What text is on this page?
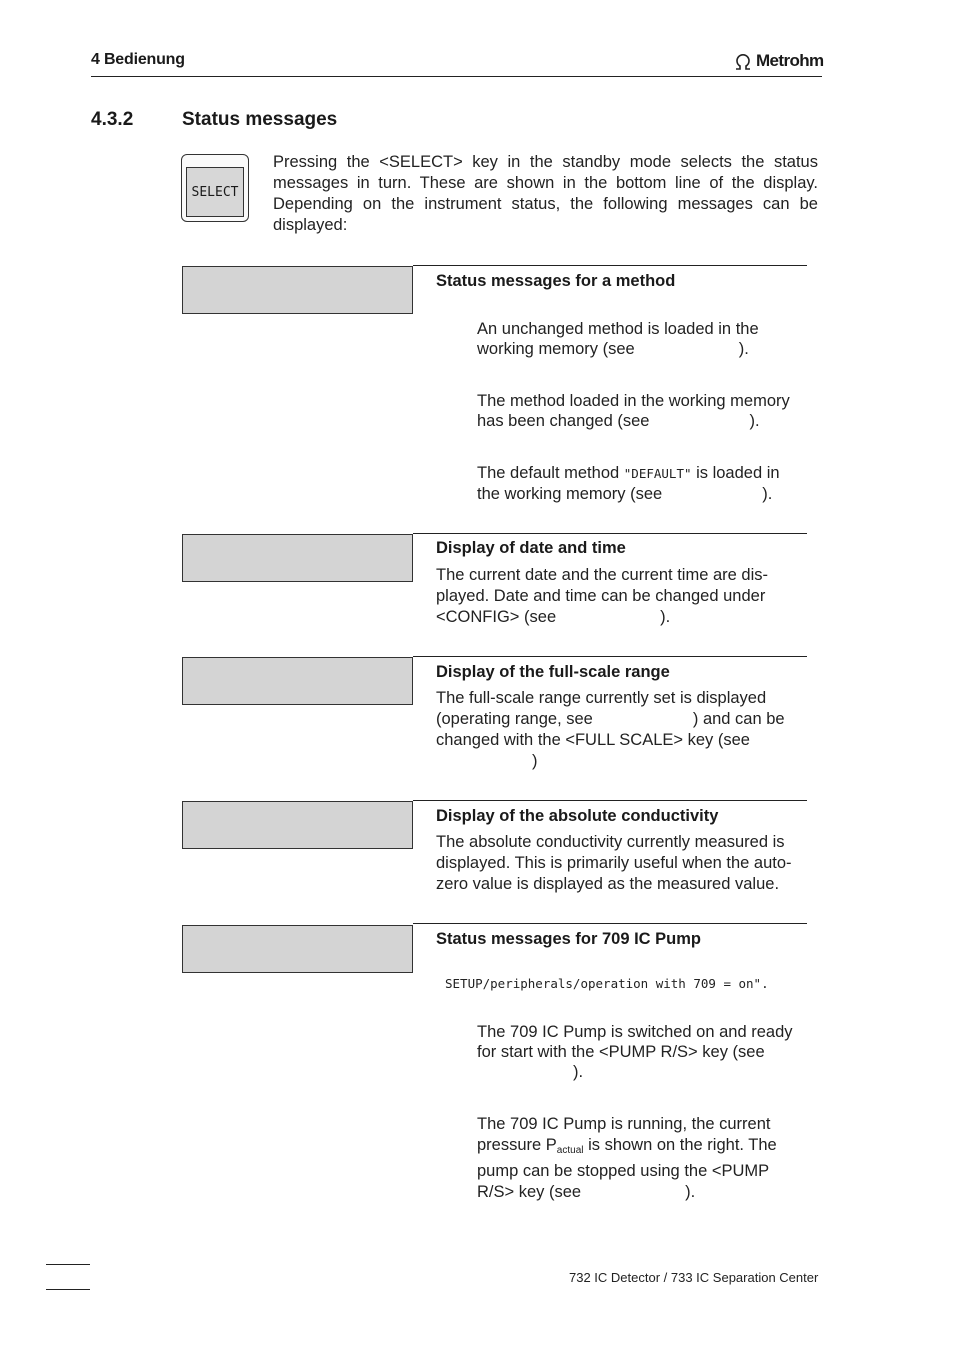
4 Bedienung	Metrohm
4.3.2	Status messages
SELECT
Pressing the <SELECT> key in the standby mode selects the status messages in turn. These are shown in the bottom line of the display. Depending on the instrument status, the following messages can be displayed:
Status messages for a method
An unchanged method is loaded in the
working memory (see	).
The method loaded in the working memory
has been changed (see	).
The default method "DEFAULT" is loaded in
the working memory (see	).
Display of date and time
The current date and the current time are dis-
played. Date and time can be changed under
<CONFIG> (see	).
Display of the full-scale range
The full-scale range currently set is displayed
(operating range, see	) and can be
changed with the <FULL SCALE> key (see
)
Display of the absolute conductivity
The absolute conductivity currently measured is
displayed. This is primarily useful when the auto-
zero value is displayed as the measured value.
Status messages for 709 IC Pump
SETUP/peripherals/operation with 709 = on".
The 709 IC Pump is switched on and ready
for start with the <PUMP R/S> key (see
).
The 709 IC Pump is running, the current
pressure $P_{actual}$ is shown on the right. The
pump can be stopped using the <PUMP
R/S> key (see	).
732 IC Detector / 733 IC Separation Center
